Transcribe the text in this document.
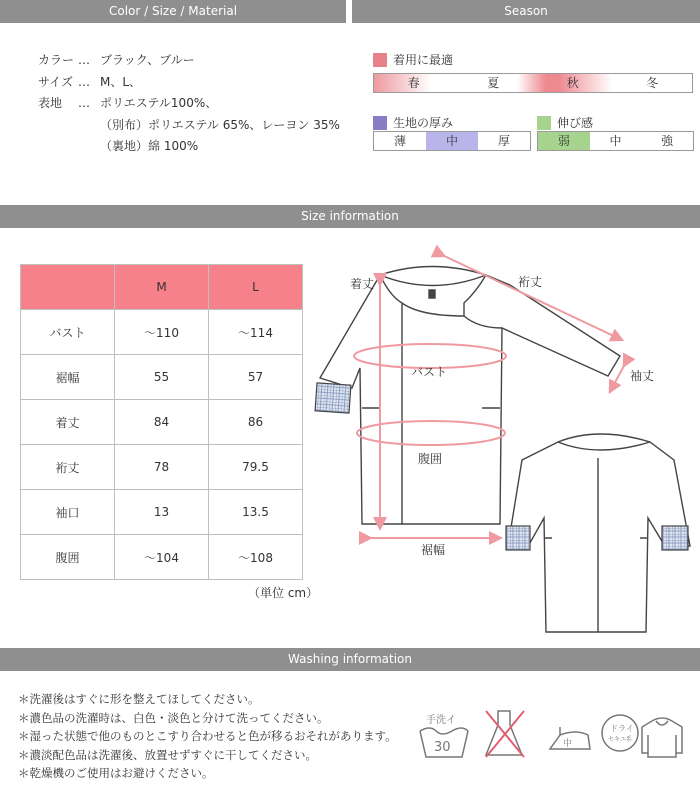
Color / Size / Material	Season
Size information
Washing information
カラー … ブラック、ブルー
サイズ … M、L、
表地 … ポリエステル100%、
（別布）ポリエステル 65%、レーヨン 35%
（裏地）綿 100%
着用に最適
春	夏	秋	冬
生地の厚み
薄	中	厚
伸び感
弱	中	強
	M	L
バスト	～110	～114
裾幅	55	57
着丈	84	86
裄丈	78	79.5
袖口	13	13.5
腹囲	～104	～108
（単位 cm）
着丈	裄丈
バスト	袖丈
腹囲
裾幅
＊洗濯後はすぐに形を整えてほしてください。
＊濃色品の洗濯時は、白色・淡色と分けて洗ってください。
＊湿った状態で他のものとこすり合わせると色が移るおそれがあります。
＊濃淡配色品は洗濯後、放置せずすぐに干してください。
＊乾燥機のご使用はお避けください。
手洗イ
30	中
ドライ
セキユ系
